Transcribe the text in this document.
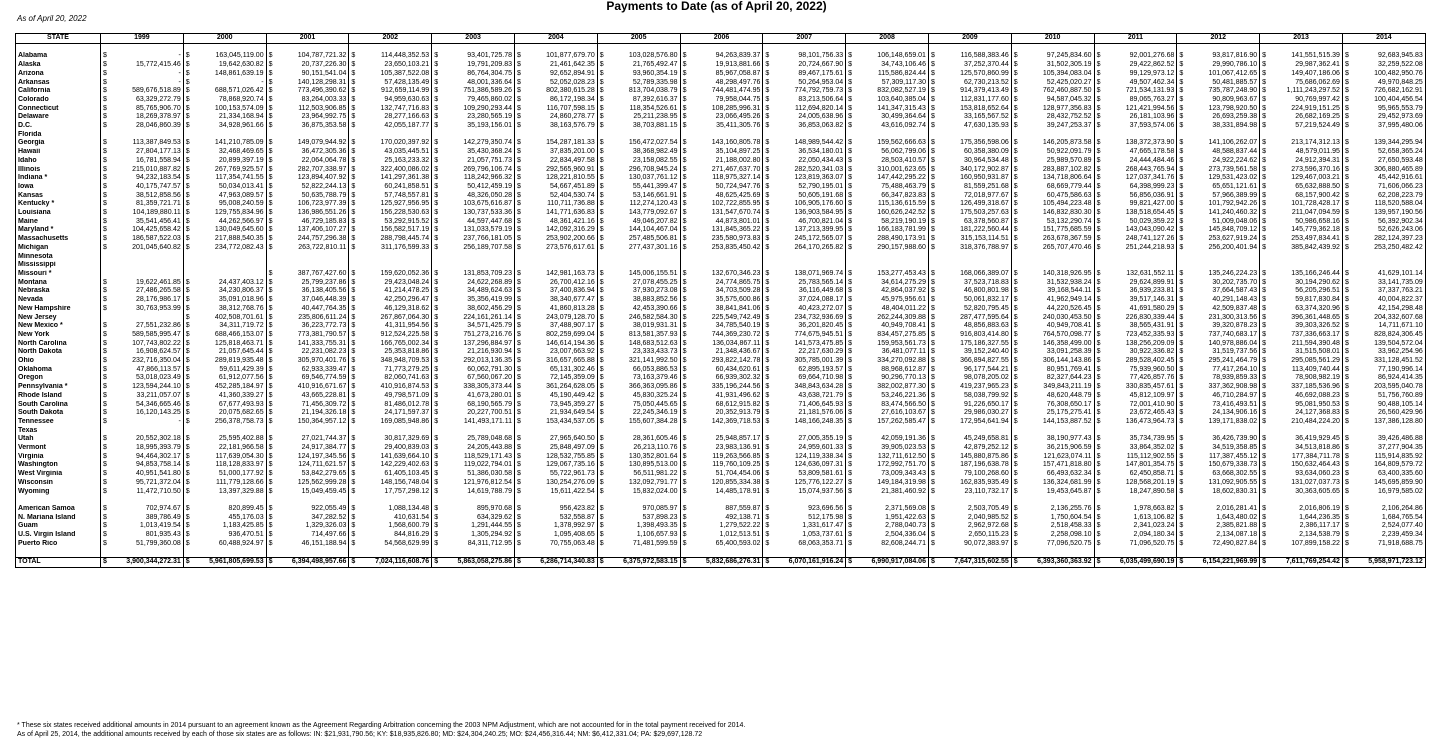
Payments to Date (as of April 20, 2022)
As of April 20, 2022
STATE	1999	2000	2001	2002	2003	2004	2005	2006	2007	2008	2009	2010	2011	2012	2013	2014

Alabama	$ -	$ 163,045,119.00	$ 104,787,721.32	$ 114,448,352.53	$ 93,401,725.78	$ 101,877,679.70	$ 103,028,576.80	$ 94,263,839.37	$ 98,101,756.33	$ 106,148,659.01	$ 116,588,383.46	$ 97,245,834.60	$ 92,001,276.68	$ 93,817,816.90	$ 141,551,515.39	$ 92,683,945.83
Alaska	$ 15,772,415.46	$ 19,642,630.82	$ 20,737,226.30	$ 23,650,103.21	$ 19,791,209.83	$ 21,461,642.35	$ 21,765,492.47	$ 19,913,881.66	$ 20,724,667.90	$ 34,743,106.46	$ 37,252,370.44	$ 31,502,305.19	$ 29,422,862.52	$ 29,990,786.10	$ 29,987,362.41	$ 32,259,522.08
Arizona	$ -	$ 148,861,639.19	$ 90,151,541.04	$ 105,387,522.08	$ 86,764,304.75	$ 92,652,894.91	$ 93,960,354.19	$ 85,967,058.87	$ 89,467,175.61	$ 115,586,824.44	$ 125,570,860.99	$ 105,394,083.04	$ 99,129,973.12	$ 101,067,412.65	$ 149,407,186.06	$ 100,482,950.76
Arkansas	$ -	$ -	$ 140,128,298.31	$ 57,428,135.49	$ 48,001,336.64	$ 52,052,028.23	$ 52,789,335.98	$ 48,298,497.76	$ 50,264,953.04	$ 57,309,117.30	$ 62,730,213.52	$ 52,425,020.27	$ 49,507,462.34	$ 50,481,885.57	$ 75,686,062.69	$ 49,970,848.25
California	$ 589,676,518.89	$ 688,571,026.42	$ 773,496,390.62	$ 912,659,114.99	$ 751,386,589.26	$ 802,380,615.28	$ 813,704,038.79	$ 744,481,474.95	$ 774,792,759.73	$ 832,082,527.19	$ 914,379,413.49	$ 762,460,887.50	$ 721,534,131.93	$ 735,787,248.90	$ 1,111,243,297.52	$ 726,682,162.91
Colorado	$ 63,329,272.79	$ 78,868,920.74	$ 83,264,003.33	$ 94,959,630.63	$ 79,465,860.02	$ 86,172,198.34	$ 87,392,616.37	$ 79,958,044.75	$ 83,213,506.64	$ 103,640,385.04	$ 112,831,177.60	$ 94,587,045.32	$ 89,065,763.27	$ 90,809,963.67	$ 90,769,997.42	$ 100,404,456.54
Connecticut	$ 85,765,906.70	$ 100,153,574.09	$ 112,503,906.85	$ 132,747,716.83	$ 109,290,293.44	$ 116,707,598.15	$ 118,354,526.61	$ 108,285,996.31	$ 112,694,820.14	$ 141,347,315.43	$ 153,818,652.64	$ 128,977,356.83	$ 121,421,994.56	$ 123,798,920.50	$ 224,919,151.25	$ 95,965,553.79
Delaware	$ 18,269,378.97	$ 21,334,168.94	$ 23,964,992.75	$ 28,277,166.63	$ 23,280,565.19	$ 24,860,278.77	$ 25,211,238.95	$ 23,066,495.26	$ 24,005,638.96	$ 30,499,364.64	$ 33,165,567.52	$ 28,432,752.52	$ 26,181,103.96	$ 26,693,259.38	$ 26,682,169.25	$ 29,452,973.69
D.C.	$ 28,046,860.39	$ 34,928,961.66	$ 36,875,353.58	$ 42,055,187.77	$ 35,193,156.01	$ 38,163,576.79	$ 38,703,881.15	$ 35,411,305.76	$ 36,853,063.82	$ 43,616,092.74	$ 47,630,135.93	$ 39,247,253.37	$ 37,593,574.06	$ 38,331,894.98	$ 57,219,524.49	$ 37,995,480.06
Florida																
Georgia	$ 113,387,849.53	$ 141,210,785.09	$ 149,079,944.92	$ 170,020,397.92	$ 142,279,350.74	$ 154,287,181.33	$ 156,472,027.54	$ 143,160,805.78	$ 148,989,544.42	$ 159,562,666.63	$ 175,356,598.06	$ 146,205,873.58	$ 138,372,373.90	$ 141,106,262.07	$ 213,174,312.13	$ 139,344,295.94
Hawaii	$ 27,804,177.13	$ 32,468,469.65	$ 36,472,305.36	$ 43,035,445.51	$ 35,430,368.24	$ 37,835,201.00	$ 38,368,982.49	$ 35,104,897.25	$ 36,534,180.01	$ 56,062,799.06	$ 60,358,380.09	$ 50,922,091.79	$ 47,665,178.58	$ 48,588,837.44	$ 48,579,011.95	$ 52,658,365.24
Idaho	$ 16,781,558.94	$ 20,899,397.19	$ 22,064,064.78	$ 25,163,233.32	$ 21,057,751.73	$ 22,834,497.58	$ 23,158,082.55	$ 21,188,002.80	$ 22,050,434.43	$ 28,503,410.57	$ 30,964,534.48	$ 25,989,570.89	$ 24,444,484.46	$ 24,922,224.62	$ 24,912,394.31	$ 27,650,593.48
Illinois	$ 215,010,887.82	$ 267,769,925.57	$ 282,707,338.97	$ 322,400,086.02	$ 269,796,106.74	$ 292,565,960.91	$ 296,708,945.24	$ 271,467,637.70	$ 282,520,341.03	$ 310,001,623.65	$ 340,172,902.87	$ 283,887,102.82	$ 268,443,765.94	$ 273,739,561.58	$ 273,596,370.16	$ 306,880,465.89
Indiana *	$ 94,232,183.54	$ 117,354,741.55	$ 123,894,407.92	$ 141,297,361.38	$ 118,242,966.32	$ 128,221,810.55	$ 130,037,761.12	$ 118,975,327.14	$ 123,819,363.07	$ 147,442,295.22	$ 160,950,931.87	$ 134,718,806.64	$ 127,037,341.76	$ 129,531,423.02	$ 129,467,003.21	$ 45,442,916.61
Iowa	$ 40,175,747.57	$ 50,034,013.41	$ 52,822,244.13	$ 60,241,858.51	$ 50,412,459.19	$ 54,667,451.89	$ 55,441,399.47	$ 50,724,947.76	$ 52,790,195.01	$ 75,488,463.79	$ 81,559,251.68	$ 68,669,779.44	$ 64,398,999.23	$ 65,651,121.61	$ 65,632,888.50	$ 71,606,066.23
Kansas	$ 38,512,858.56	$ 47,963,089.57	$ 50,635,788.79	$ 57,748,557.81	$ 48,326,050.28	$ 52,404,530.74	$ 53,146,661.91	$ 48,625,425.69	$ 50,605,191.68	$ 66,347,823.83	$ 72,018,977.67	$ 60,475,586.63	$ 56,856,036.91	$ 57,966,389.99	$ 68,157,900.42	$ 62,208,223.79
Kentucky *	$ 81,359,721.71	$ 95,008,240.59	$ 106,723,977.39	$ 125,927,956.95	$ 103,675,616.87	$ 110,711,736.88	$ 112,274,120.43	$ 102,722,855.95	$ 106,905,176.60	$ 115,136,615.59	$ 126,499,318.67	$ 105,494,223.48	$ 99,821,427.00	$ 101,792,942.26	$ 101,728,428.17	$ 118,520,588.04
Louisiana	$ 104,189,880.11	$ 129,755,834.96	$ 136,986,551.26	$ 156,228,530.63	$ 130,737,533.36	$ 141,771,636.83	$ 143,779,092.67	$ 131,547,670.74	$ 136,903,584.95	$ 160,626,242.52	$ 175,503,257.63	$ 146,832,830.30	$ 138,518,654.45	$ 141,240,460.32	$ 211,047,094.59	$ 139,957,190.56
Maine	$ 35,541,456.41	$ 44,262,566.97	$ 46,729,185.83	$ 53,292,915.52	$ 44,597,447.68	$ 48,361,421.16	$ 49,046,207.82	$ 44,873,801.01	$ 46,700,821.04	$ 58,219,190.19	$ 63,378,560.87	$ 53,132,290.74	$ 50,029,359.22	$ 51,009,048.06	$ 50,986,658.16	$ 56,392,902.34
Maryland *	$ 104,425,658.42	$ 130,049,645.60	$ 137,406,107.27	$ 156,582,517.19	$ 131,033,579.19	$ 142,092,316.29	$ 144,104,467.04	$ 131,845,365.22	$ 137,213,399.95	$ 166,183,781.99	$ 181,222,560.44	$ 151,775,685.59	$ 143,043,090.42	$ 145,848,709.12	$ 145,779,362.18	$ 52,626,243.06
Massachusetts	$ 186,587,522.03	$ 217,888,540.35	$ 244,757,296.38	$ 288,798,445.74	$ 237,766,181.05	$ 253,902,200.66	$ 257,485,506.81	$ 235,580,973.83	$ 245,172,565.07	$ 288,490,173.91	$ 315,153,114.51	$ 263,678,367.59	$ 248,741,127.26	$ 253,627,919.24	$ 253,497,834.41	$ 282,124,397.23
Michigan	$ 201,045,640.82	$ 234,772,082.43	$ 263,722,810.11	$ 311,176,599.33	$ 256,189,707.58	$ 273,576,617.61	$ 277,437,301.16	$ 253,835,450.42	$ 264,170,265.82	$ 290,157,988.60	$ 318,376,788.97	$ 265,707,470.46	$ 251,244,218.93	$ 256,200,401.94	$ 385,842,439.92	$ 253,250,482.42
Minnesota																
Mississippi																
Missouri *			$ 387,767,427.60	$ 159,620,052.36	$ 131,853,709.23	$ 142,981,163.73	$ 145,006,155.51	$ 132,670,346.23	$ 138,071,969.74	$ 153,277,453.43	$ 168,066,389.07	$ 140,318,926.95	$ 132,631,552.11	$ 135,246,224.23	$ 135,166,246.44	$ 41,629,101.14
Montana	$ 19,622,461.85	$ 24,437,403.12	$ 25,799,237.86	$ 29,423,048.24	$ 24,622,268.89	$ 26,700,412.16	$ 27,078,455.25	$ 24,774,865.75	$ 25,783,565.14	$ 34,614,275.29	$ 37,523,718.83	$ 31,532,938.24	$ 29,624,899.91	$ 30,202,735.70	$ 30,194,290.62	$ 33,141,735.09
Nebraska	$ 27,486,265.58	$ 34,230,806.37	$ 36,138,405.56	$ 41,214,478.25	$ 34,489,624.63	$ 37,400,836.94	$ 37,930,273.08	$ 34,703,509.28	$ 36,116,449.68	$ 42,864,037.92	$ 46,800,801.98	$ 39,168,544.11	$ 36,939,233.81	$ 37,664,587.43	$ 56,205,296.51	$ 37,337,763.21
Nevada	$ 28,176,986.17	$ 35,091,018.96	$ 37,046,448.39	$ 42,250,296.47	$ 35,356,419.99	$ 38,340,677.47	$ 38,883,852.56	$ 35,575,600.86	$ 37,024,088.17	$ 45,975,956.61	$ 50,061,832.17	$ 41,962,949.14	$ 39,517,146.31	$ 40,291,148.43	$ 59,817,830.84	$ 40,004,822.37
New Hampshire	$ 30,763,953.99	$ 38,312,768.76	$ 40,447,764.35	$ 46,129,318.62	$ 38,602,456.29	$ 41,860,813.28	$ 42,453,390.66	$ 38,841,841.06	$ 40,423,272.07	$ 48,404,011.22	$ 52,820,795.45	$ 44,220,526.45	$ 41,691,580.29	$ 42,509,837.48	$ 63,374,320.96	$ 42,154,298.48
New Jersey		$ 402,508,701.61	$ 235,806,611.24	$ 267,867,064.30	$ 224,161,261.14	$ 243,079,128.70	$ 246,582,584.30	$ 225,549,742.49	$ 234,732,936.69	$ 262,244,309.88	$ 287,477,595.64	$ 240,030,453.50	$ 226,830,339.44	$ 231,300,313.56	$ 396,361,448.65	$ 204,332,607.68
New Mexico *	$ 27,551,232.86	$ 34,311,719.72	$ 36,223,772.73	$ 41,311,954.56	$ 34,571,425.79	$ 37,488,907.17	$ 38,019,931.31	$ 34,785,540.19	$ 36,201,820.45	$ 40,949,708.41	$ 48,856,883.63	$ 40,949,708.41	$ 38,565,431.91	$ 39,320,878.23	$ 39,303,326.52	$ 14,711,671.10
New York	$ 589,585,995.47	$ 688,466,153.07	$ 773,381,790.57	$ 912,524,225.58	$ 751,273,216.76	$ 802,259,699.04	$ 813,581,357.93	$ 744,369,230.72	$ 774,675,945.51	$ 834,457,275.85	$ 916,803,414.80	$ 764,570,098.77	$ 723,452,335.93	$ 737,740,683.17	$ 737,336,663.17	$ 828,824,306.45
North Carolina	$ 107,743,802.22	$ 125,818,463.71	$ 141,333,755.31	$ 166,765,002.34	$ 137,296,884.97	$ 146,614,194.36	$ 148,683,512.63	$ 136,034,867.11	$ 141,573,475.85	$ 159,953,561.73	$ 175,186,327.55	$ 146,358,499.00	$ 138,256,209.09	$ 140,978,886.04	$ 211,594,390.48	$ 139,504,572.04
North Dakota	$ 16,908,624.57	$ 21,057,645.44	$ 22,231,082.23	$ 25,353,818.86	$ 21,216,930.94	$ 23,007,663.92	$ 23,333,433.73	$ 21,348,436.67	$ 22,217,630.29	$ 36,481,077.11	$ 39,152,240.40	$ 33,091,258.39	$ 30,922,336.82	$ 31,519,737.56	$ 31,515,508.01	$ 33,962,254.96
Ohio	$ 232,716,350.04	$ 289,819,935.48	$ 305,970,401.76	$ 348,948,709.53	$ 292,013,136.35	$ 316,657,665.88	$ 321,141,992.50	$ 293,822,142.78	$ 305,785,001.39	$ 334,270,092.88	$ 366,894,827.55	$ 306,144,143.86	$ 289,528,402.45	$ 295,241,464.79	$ 295,085,561.29	$ 331,128,451.52
Oklahoma	$ 47,866,113.57	$ 59,611,429.39	$ 62,933,339.47	$ 71,773,279.25	$ 60,062,791.30	$ 65,131,302.46	$ 66,053,886.53	$ 60,434,620.61	$ 62,895,193.57	$ 88,968,612.87	$ 96,177,544.21	$ 80,951,769.41	$ 75,939,960.50	$ 77,417,264.10	$ 113,409,740.44	$ 77,190,996.14
Oregon	$ 53,018,023.49	$ 61,912,077.56	$ 69,546,774.59	$ 82,060,741.63	$ 67,560,067.20	$ 72,145,359.09	$ 73,163,379.46	$ 66,939,302.32	$ 69,664,710.98	$ 90,296,770.13	$ 98,078,205.02	$ 82,327,644.23	$ 77,426,857.76	$ 78,939,859.33	$ 78,908,982.19	$ 86,924,414.35
Pennsylvania *	$ 123,594,244.10	$ 452,285,184.97	$ 410,916,671.67	$ 410,916,874.53	$ 338,305,373.44	$ 361,264,628.05	$ 366,363,095.86	$ 335,196,244.56	$ 348,843,634.28	$ 382,002,877.30	$ 419,237,965.23	$ 349,843,211.19	$ 330,835,457.61	$ 337,362,908.98	$ 337,185,536.96	$ 203,595,040.78
Rhode Island	$ 33,211,057.07	$ 41,360,339.27	$ 43,665,228.81	$ 49,798,571.09	$ 41,673,280.01	$ 45,190,449.42	$ 45,830,325.24	$ 41,931,496.62	$ 43,638,721.79	$ 53,246,221.36	$ 58,038,799.92	$ 48,620,448.79	$ 45,812,109.97	$ 46,710,284.97	$ 46,692,088.23	$ 51,756,760.89
South Carolina	$ 54,346,665.46	$ 67,677,493.93	$ 71,456,309.72	$ 81,486,012.78	$ 68,190,565.79	$ 73,945,359.27	$ 75,050,445.65	$ 68,612,915.82	$ 71,406,645.93	$ 83,474,566.50	$ 91,226,650.17	$ 76,308,650.17	$ 72,001,410.90	$ 73,416,493.51	$ 95,081,950.53	$ 90,488,105.14
South Dakota	$ 16,120,143.25	$ 20,075,682.65	$ 21,194,326.18	$ 24,171,597.37	$ 20,227,700.51	$ 21,934,649.54	$ 22,245,346.19	$ 20,352,913.79	$ 21,181,576.06	$ 27,616,103.67	$ 29,986,030.27	$ 25,175,275.41	$ 23,672,465.43	$ 24,134,906.16	$ 24,127,368.83	$ 26,560,429.96
Tennessee	$ -	$ 256,378,758.73	$ 150,364,957.12	$ 169,085,948.86	$ 141,493,171.11	$ 153,434,537.05	$ 155,607,384.28	$ 142,369,718.53	$ 148,166,248.35	$ 157,262,585.47	$ 172,954,641.94	$ 144,153,887.52	$ 136,473,964.73	$ 139,171,838.02	$ 210,484,224.20	$ 137,386,128.80
Texas																
Utah	$ 20,552,302.18	$ 25,595,402.88	$ 27,021,744.37	$ 30,817,329.69	$ 25,789,048.68	$ 27,965,640.50	$ 28,361,605.46	$ 25,948,857.17	$ 27,005,355.19	$ 42,059,191.36	$ 45,249,658.81	$ 38,190,977.43	$ 35,734,739.95	$ 36,426,739.90	$ 36,419,929.45	$ 39,426,486.88
Vermont	$ 18,995,393.79	$ 22,181,966.58	$ 24,917,384.77	$ 29,400,839.03	$ 24,205,443.88	$ 25,848,497.09	$ 26,213,110.76	$ 23,983,136.91	$ 24,959,601.33	$ 39,905,023.53	$ 42,879,252.12	$ 36,215,906.59	$ 33,864,352.02	$ 34,519,358.85	$ 34,513,818.86	$ 37,277,904.35
Virginia	$ 94,464,302.17	$ 117,639,054.30	$ 124,197,345.56	$ 141,639,664.10	$ 118,529,171.43	$ 128,532,755.85	$ 130,352,801.64	$ 119,263,566.85	$ 124,119,338.34	$ 132,711,612.50	$ 145,880,875.86	$ 121,623,074.11	$ 115,112,902.55	$ 117,387,455.12	$ 177,384,711.78	$ 115,914,835.92
Washington	$ 94,853,758.14	$ 118,128,833.97	$ 124,711,621.57	$ 142,229,402.63	$ 119,022,794.01	$ 129,067,735.16	$ 130,895,513.00	$ 119,760,109.25	$ 124,636,097.31	$ 172,992,751.70	$ 187,196,638.78	$ 157,471,818.80	$ 147,801,354.75	$ 150,679,338.73	$ 150,632,464.43	$ 164,809,579.72
West Virginia	$ 40,951,541.80	$ 51,000,177.92	$ 53,842,279.65	$ 61,405,103.45	$ 51,386,030.58	$ 55,722,961.73	$ 56,511,981.22	$ 51,704,454.06	$ 53,809,581.61	$ 73,009,343.43	$ 79,100,268.60	$ 66,493,632.34	$ 62,450,858.71	$ 63,668,302.55	$ 93,634,060.23	$ 63,400,335.60
Wisconsin	$ 95,721,372.04	$ 111,779,128.66	$ 125,562,999.28	$ 148,156,748.04	$ 121,976,812.54	$ 130,254,276.09	$ 132,092,791.77	$ 120,855,334.38	$ 125,776,122.27	$ 149,184,319.98	$ 162,835,935.49	$ 136,324,681.99	$ 128,568,201.19	$ 131,092,905.55	$ 131,027,037.73	$ 145,695,859.90
Wyoming	$ 11,472,710.50	$ 13,397,329.88	$ 15,049,459.45	$ 17,757,298.12	$ 14,619,788.79	$ 15,611,422.54	$ 15,832,024.00	$ 14,485,178.91	$ 15,074,937.56	$ 21,381,460.92	$ 23,110,732.17	$ 19,453,645.87	$ 18,247,890.58	$ 18,602,830.31	$ 30,363,605.65	$ 16,979,585.02

American Samoa	$ 702,974.67	$ 820,899.45	$ 922,055.49	$ 1,088,134.48	$ 895,970.68	$ 956,423.82	$ 970,085.97	$ 887,559.87	$ 923,696.56	$ 2,371,569.08	$ 2,503,705.49	$ 2,136,255.76	$ 1,978,663.82	$ 2,016,281.41	$ 2,016,806.19	$ 2,106,264.86
N. Mariana Island	$ 389,786.49	$ 455,176.03	$ 347,282.52	$ 410,631.54	$ 634,329.62	$ 532,558.87	$ 537,898.23	$ 492,138.71	$ 512,175.98	$ 1,951,422.63	$ 2,040,985.52	$ 1,750,604.54	$ 1,613,106.82	$ 1,643,480.02	$ 1,644,236.35	$ 1,684,765.54
Guam	$ 1,013,419.54	$ 1,183,425.85	$ 1,329,326.03	$ 1,568,600.79	$ 1,291,444.55	$ 1,378,992.97	$ 1,398,493.35	$ 1,279,522.22	$ 1,331,617.47	$ 2,788,040.73	$ 2,962,972.68	$ 2,518,458.33	$ 2,341,023.24	$ 2,385,821.88	$ 2,386,117.17	$ 2,524,077.40
U.S. Virgin Island	$ 801,935.43	$ 936,470.51	$ 714,497.66	$ 844,816.29	$ 1,305,294.92	$ 1,095,408.65	$ 1,106,657.93	$ 1,012,513.51	$ 1,053,737.61	$ 2,504,336.04	$ 2,650,115.23	$ 2,258,098.10	$ 2,094,180.34	$ 2,134,087.18	$ 2,134,538.79	$ 2,239,459.34
Puerto Rico	$ 51,799,360.08	$ 60,488,924.97	$ 46,151,188.94	$ 54,568,629.99	$ 84,311,712.95	$ 70,755,063.48	$ 71,481,599.59	$ 65,400,593.02	$ 68,063,353.71	$ 82,608,244.71	$ 90,072,383.97	$ 77,096,520.75	$ 71,096,520.75	$ 72,490,827.84	$ 107,899,158.22	$ 71,918,688.75

TOTAL	$ 3,900,344,272.31	$ 5,961,805,699.53	$ 6,394,498,957.66	$ 7,024,116,608.76	$ 5,863,058,275.86	$ 6,286,714,340.83	$ 6,375,972,583.15	$ 5,832,686,276.31	$ 6,070,161,916.24	$ 6,990,917,084.06	$ 7,647,315,602.55	$ 6,393,360,363.92	$ 6,035,499,690.19	$ 6,154,221,969.99	$ 7,611,769,254.42	$ 5,958,971,723.12
* These six states received additional amounts in 2014 pursuant to an agreement known as the Agreement Regarding Arbitration concerning the 2003 NPM Adjustment, which are not accounted for in the total payment received for 2014.
As of April 25, 2014, the additional amounts received by each of those six states are as follows: IN: $21,931,790.56; KY: $18,935,826.80; MD: $24,304,240.25; MO: $24,456,316.44; NM: $6,412,331.04; PA: $29,697,128.72
